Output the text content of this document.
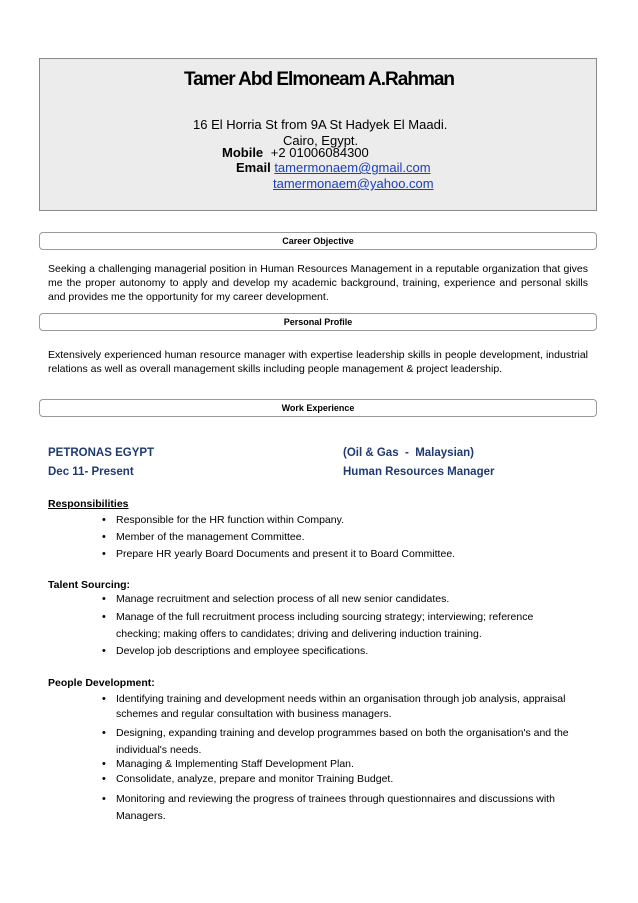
Tamer Abd Elmoneam A.Rahman
16 El Horria St from 9A St Hadyek El Maadi.
Cairo, Egypt.
Mobile +2 01006084300
Email tamermonaem@gmail.com
tamermonaem@yahoo.com
Career Objective
Seeking a challenging managerial position in Human Resources Management in a reputable organization that gives me the proper autonomy to apply and develop my academic background, training, experience and personal skills and provides me the opportunity for my career development.
Personal Profile
Extensively experienced human resource manager with expertise leadership skills in people development, industrial relations as well as overall management skills including people management & project leadership.
Work Experience
PETRONAS EGYPT	(Oil & Gas  -  Malaysian)
Dec 11- Present	Human Resources Manager
Responsibilities
• Responsible for the HR function within Company.
• Member of the management Committee.
• Prepare HR yearly Board Documents and present it to Board Committee.
Talent Sourcing:
• Manage recruitment and selection process of all new senior candidates.
• Manage of the full recruitment process including sourcing strategy; interviewing; reference checking; making offers to candidates; driving and delivering induction training.
• Develop job descriptions and employee specifications.
People Development:
• Identifying training and development needs within an organisation through job analysis, appraisal schemes and regular consultation with business managers.
• Designing, expanding training and develop programmes based on both the organisation's and the individual's needs.
• Managing & Implementing Staff Development Plan.
• Consolidate, analyze, prepare and monitor Training Budget.
• Monitoring and reviewing the progress of trainees through questionnaires and discussions with Managers.
